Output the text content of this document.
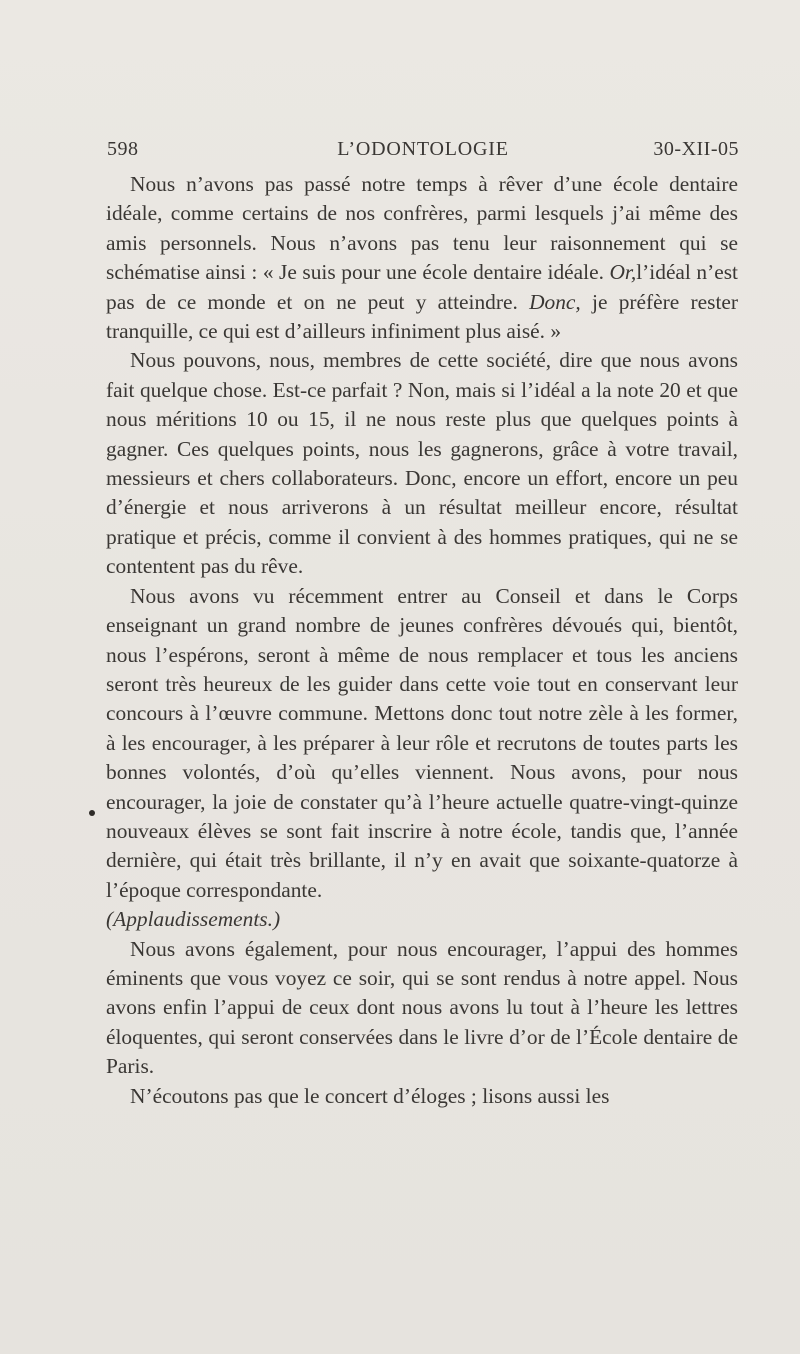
598	L’ODONTOLOGIE	30-XII-05

Nous n’avons pas passé notre temps à rêver d’une école dentaire idéale, comme certains de nos confrères, parmi lesquels j’ai même des amis personnels. Nous n’avons pas tenu leur raisonnement qui se schématise ainsi : « Je suis pour une école dentaire idéale. Or,l’idéal n’est pas de ce monde et on ne peut y atteindre. Donc, je préfère rester tranquille, ce qui est d’ailleurs infiniment plus aisé. »

Nous pouvons, nous, membres de cette société, dire que nous avons fait quelque chose. Est-ce parfait ? Non, mais si l’idéal a la note 20 et que nous méritions 10 ou 15, il ne nous reste plus que quelques points à gagner. Ces quelques points, nous les gagnerons, grâce à votre travail, messieurs et chers collaborateurs. Donc, encore un effort, encore un peu d’énergie et nous arriverons à un résultat meilleur encore, résultat pratique et précis, comme il convient à des hommes pratiques, qui ne se contentent pas du rêve.

Nous avons vu récemment entrer au Conseil et dans le Corps enseignant un grand nombre de jeunes confrères dévoués qui, bientôt, nous l’espérons, seront à même de nous remplacer et tous les anciens seront très heureux de les guider dans cette voie tout en conservant leur concours à l’œuvre commune. Mettons donc tout notre zèle à les former, à les encourager, à les préparer à leur rôle et recrutons de toutes parts les bonnes volontés, d’où qu’elles viennent. Nous avons, pour nous encourager, la joie de constater qu’à l’heure actuelle quatre-vingt-quinze nouveaux élèves se sont fait inscrire à notre école, tandis que, l’année dernière, qui était très brillante, il n’y en avait que soixante-quatorze à l’époque correspondante.
(Applaudissements.)

Nous avons également, pour nous encourager, l’appui des hommes éminents que vous voyez ce soir, qui se sont rendus à notre appel. Nous avons enfin l’appui de ceux dont nous avons lu tout à l’heure les lettres éloquentes, qui seront conservées dans le livre d’or de l’École dentaire de Paris.

N’écoutons pas que le concert d’éloges ; lisons aussi les
